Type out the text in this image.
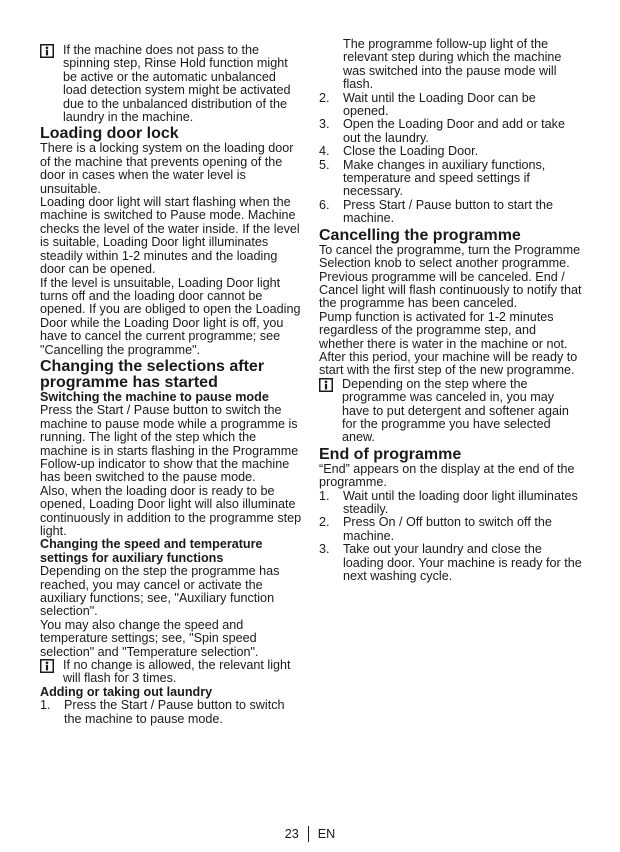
If the machine does not pass to the spinning step, Rinse Hold function might be active or the automatic unbalanced load detection system might be activated due to the unbalanced distribution of the laundry in the machine.

Loading door lock

There is a locking system on the loading door of the machine that prevents opening of the door in cases when the water level is unsuitable.

Loading door light will start flashing when the machine is switched to Pause mode. Machine checks the level of the water inside. If the level is suitable, Loading Door light illuminates steadily within 1-2 minutes and the loading door can be opened.

If the level is unsuitable, Loading Door light turns off and the loading door cannot be opened. If you are obliged to open the Loading Door while the Loading Door light is off, you have to cancel the current programme; see "Cancelling the programme".

Changing the selections after programme has started
Switching the machine to pause mode

Press the Start / Pause button to switch the machine to pause mode while a programme is running. The light of the step which the machine is in starts flashing in the Programme Follow-up indicator to show that the machine has been switched to the pause mode.

Also, when the loading door is ready to be opened, Loading Door light will also illuminate continuously in addition to the programme step light.

Changing the speed and temperature settings for auxiliary functions

Depending on the step the programme has reached, you may cancel or activate the auxiliary functions; see, "Auxiliary function selection".

You may also change the speed and temperature settings; see, "Spin speed selection" and "Temperature selection".

If no change is allowed, the relevant light will flash for 3 times.

Adding or taking out laundry
1.	Press the Start / Pause button to switch the machine to pause mode.

The programme follow-up light of the relevant step during which the machine was switched into the pause mode will flash.

2.	Wait until the Loading Door can be opened.

3.	Open the Loading Door and add or take out the laundry.

4.	Close the Loading Door.

5.	Make changes in auxiliary functions, temperature and speed settings if necessary.

6.	Press Start / Pause button to start the machine.

Cancelling the programme

To cancel the programme, turn the Programme Selection knob to select another programme. Previous programme will be canceled. End / Cancel light will flash continuously to notify that the programme has been canceled.

Pump function is activated for 1-2 minutes regardless of the programme step, and whether there is water in the machine or not. After this period, your machine will be ready to start with the first step of the new programme.

Depending on the step where the programme was canceled in, you may have to put detergent and softener again for the programme you have selected anew.

End of programme

“End” appears on the display at the end of the programme.

1.	Wait until the loading door light illuminates steadily.

2.	Press On / Off button to switch off the machine.

3.	Take out your laundry and close the loading door. Your machine is ready for the next washing cycle.

23 EN
